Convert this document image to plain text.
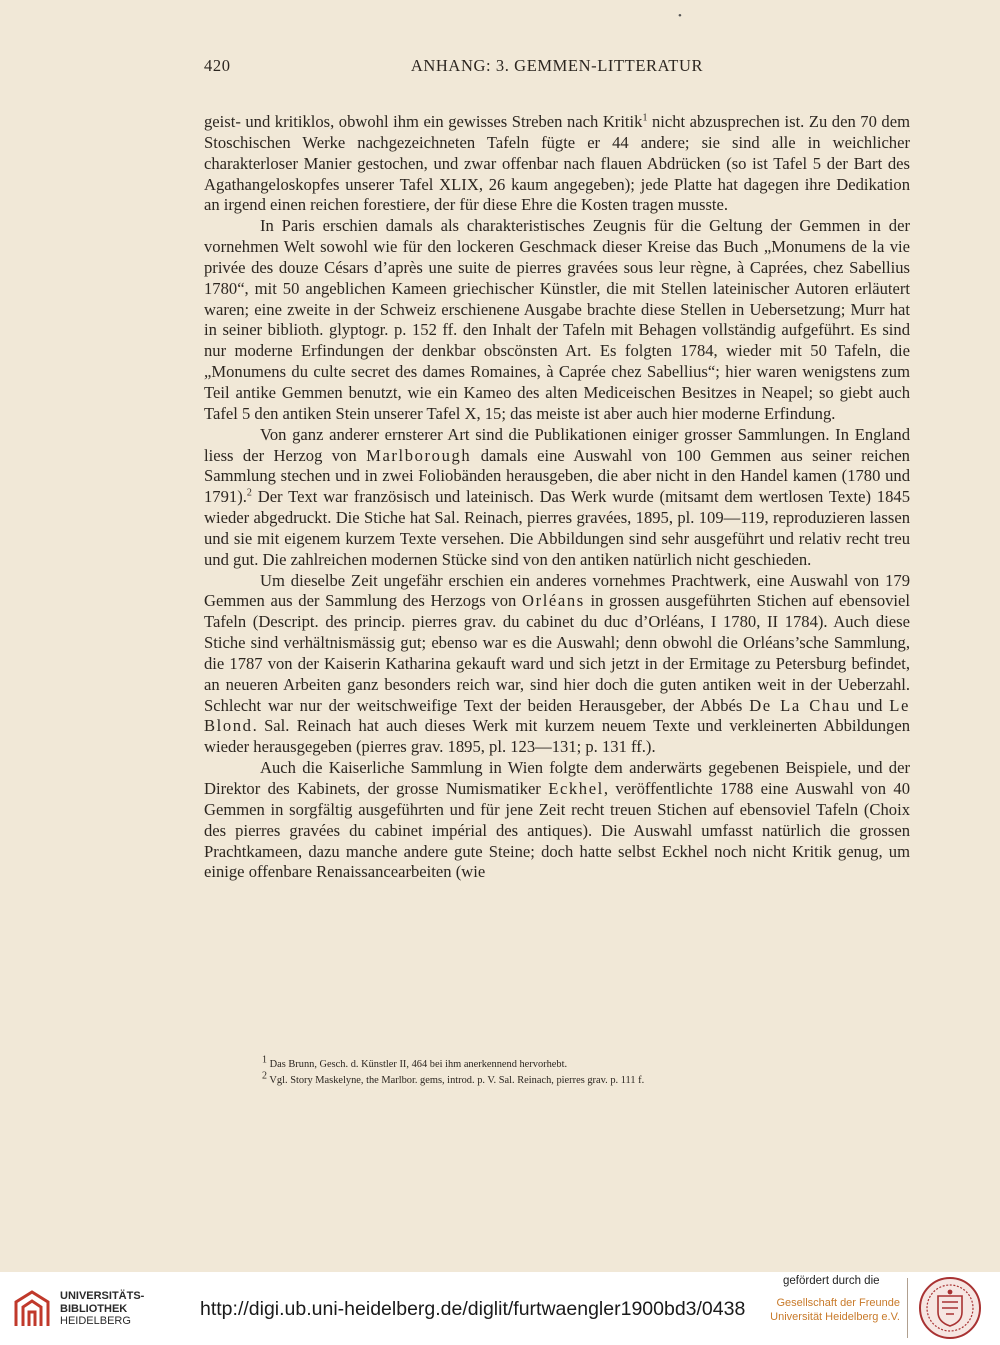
•
420	ANHANG: 3. GEMMEN-LITTERATUR

geist- und kritiklos, obwohl ihm ein gewisses Streben nach Kritik$^1$ nicht abzusprechen ist. Zu den 70 dem Stoschischen Werke nachgezeichneten Tafeln fügte er 44 andere; sie sind alle in weichlicher charakterloser Manier gestochen, und zwar offenbar nach flauen Abdrücken (so ist Tafel 5 der Bart des Agathangeloskopfes unserer Tafel XLIX, 26 kaum angegeben); jede Platte hat dagegen ihre Dedikation an irgend einen reichen forestiere, der für diese Ehre die Kosten tragen musste.

In Paris erschien damals als charakteristisches Zeugnis für die Geltung der Gemmen in der vornehmen Welt sowohl wie für den lockeren Geschmack dieser Kreise das Buch „Monumens de la vie privée des douze Césars d’après une suite de pierres gravées sous leur règne, à Caprées, chez Sabellius 1780“, mit 50 angeblichen Kameen griechischer Künstler, die mit Stellen lateinischer Autoren erläutert waren; eine zweite in der Schweiz erschienene Ausgabe brachte diese Stellen in Uebersetzung; Murr hat in seiner biblioth. glyptogr. p. 152 ff. den Inhalt der Tafeln mit Behagen vollständig aufgeführt. Es sind nur moderne Erfindungen der denkbar obscönsten Art. Es folgten 1784, wieder mit 50 Tafeln, die „Monumens du culte secret des dames Romaines, à Caprée chez Sabellius“; hier waren wenigstens zum Teil antike Gemmen benutzt, wie ein Kameo des alten Mediceischen Besitzes in Neapel; so giebt auch Tafel 5 den antiken Stein unserer Tafel X, 15; das meiste ist aber auch hier moderne Erfindung.

Von ganz anderer ernsterer Art sind die Publikationen einiger grosser Sammlungen. In England liess der Herzog von Marlborough damals eine Auswahl von 100 Gemmen aus seiner reichen Sammlung stechen und in zwei Foliobänden herausgeben, die aber nicht in den Handel kamen (1780 und 1791).$^2$ Der Text war französisch und lateinisch. Das Werk wurde (mitsamt dem wertlosen Texte) 1845 wieder abgedruckt. Die Stiche hat Sal. Reinach, pierres gravées, 1895, pl. 109—119, reproduzieren lassen und sie mit eigenem kurzem Texte versehen. Die Abbildungen sind sehr ausgeführt und relativ recht treu und gut. Die zahlreichen modernen Stücke sind von den antiken natürlich nicht geschieden.

Um dieselbe Zeit ungefähr erschien ein anderes vornehmes Prachtwerk, eine Auswahl von 179 Gemmen aus der Sammlung des Herzogs von Orléans in grossen ausgeführten Stichen auf ebensoviel Tafeln (Descript. des princip. pierres grav. du cabinet du duc d’Orléans, I 1780, II 1784). Auch diese Stiche sind verhältnismässig gut; ebenso war es die Auswahl; denn obwohl die Orléans’sche Sammlung, die 1787 von der Kaiserin Katharina gekauft ward und sich jetzt in der Ermitage zu Petersburg befindet, an neueren Arbeiten ganz besonders reich war, sind hier doch die guten antiken weit in der Ueberzahl. Schlecht war nur der weitschweifige Text der beiden Herausgeber, der Abbés De La Chau und Le Blond. Sal. Reinach hat auch dieses Werk mit kurzem neuem Texte und verkleinerten Abbildungen wieder herausgegeben (pierres grav. 1895, pl. 123—131; p. 131 ff.).

Auch die Kaiserliche Sammlung in Wien folgte dem anderwärts gegebenen Beispiele, und der Direktor des Kabinets, der grosse Numismatiker Eckhel, veröffentlichte 1788 eine Auswahl von 40 Gemmen in sorgfältig ausgeführten und für jene Zeit recht treuen Stichen auf ebensoviel Tafeln (Choix des pierres gravées du cabinet impérial des antiques). Die Auswahl umfasst natürlich die grossen Prachtkameen, dazu manche andere gute Steine; doch hatte selbst Eckhel noch nicht Kritik genug, um einige offenbare Renaissancearbeiten (wie

$^1$ Das Brunn, Gesch. d. Künstler II, 464 bei ihm anerkennend hervorhebt.
$^2$ Vgl. Story Maskelyne, the Marlbor. gems, introd. p. V. Sal. Reinach, pierres grav. p. 111 f.
UNIVERSITÄTS-
BIBLIOTHEK
HEIDELBERG
http://digi.ub.uni-heidelberg.de/diglit/furtwaengler1900bd3/0438
gefördert durch die
Gesellschaft der Freunde
Universität Heidelberg e.V.
